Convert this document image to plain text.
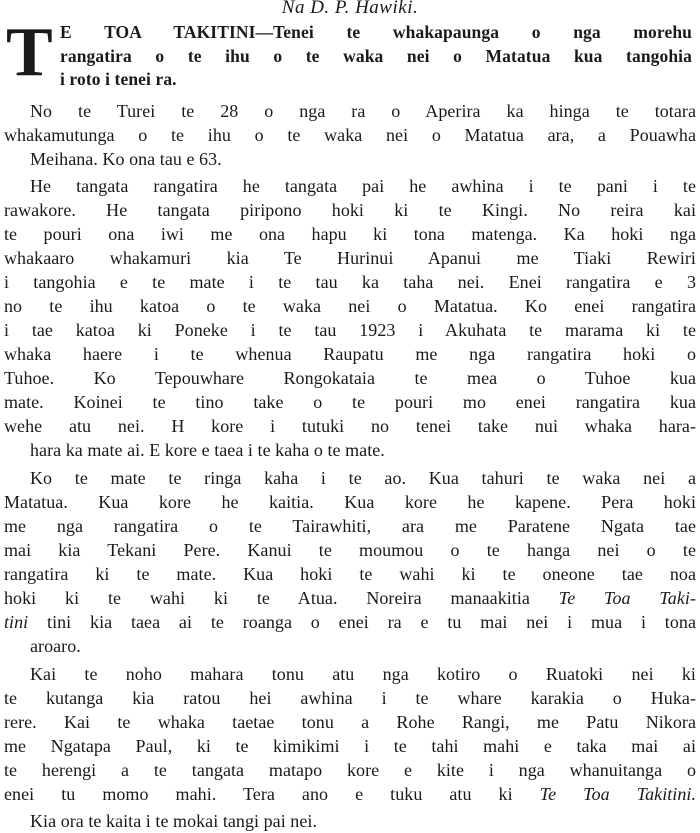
Na D. P. Hawiki.
T E TOA TAKITINI—Tenei te whakapaunga o nga morehu
rangatira o te ihu o te waka nei o Matatua kua tangohia
i roto i tenei ra.
No te Turei te 28 o nga ra o Aperira ka hinga te totara
whakamutunga o te ihu o te waka nei o Matatua ara, a Pouawha
Meihana. Ko ona tau e 63.
He tangata rangatira he tangata pai he awhina i te pani i te
rawakore. He tangata piripono hoki ki te Kingi. No reira kai
te pouri ona iwi me ona hapu ki tona matenga. Ka hoki nga
whakaaro whakamuri kia Te Hurinui Apanui me Tiaki Rewiri
i tangohia e te mate i te tau ka taha nei. Enei rangatira e 3
no te ihu katoa o te waka nei o Matatua. Ko enei rangatira
i tae katoa ki Poneke i te tau 1923 i Akuhata te marama ki te
whaka haere i te whenua Raupatu me nga rangatira hoki o
Tuhoe. Ko Tepouwhare Rongokataia te mea o Tuhoe kua
mate. Koinei te tino take o te pouri mo enei rangatira kua
wehe atu nei. H kore i tutuki no tenei take nui whaka hara-
hara ka mate ai. E kore e taea i te kaha o te mate.
Ko te mate te ringa kaha i te ao. Kua tahuri te waka nei a
Matatua. Kua kore he kaitia. Kua kore he kapene. Pera hoki
me nga rangatira o te Tairawhiti, ara me Paratene Ngata tae
mai kia Tekani Pere. Kanui te moumou o te hanga nei o te
rangatira ki te mate. Kua hoki te wahi ki te oneone tae noa
hoki ki te wahi ki te Atua. Noreira manaakitia Te Toa Taki-
tini tini kia taea ai te roanga o enei ra e tu mai nei i mua i tona
aroaro.
Kai te noho mahara tonu atu nga kotiro o Ruatoki nei ki
te kutanga kia ratou hei awhina i te whare karakia o Huka-
rere. Kai te whaka taetae tonu a Rohe Rangi, me Patu Nikora
me Ngatapa Paul, ki te kimikimi i te tahi mahi e taka mai ai
te herengi a te tangata matapo kore e kite i nga whanuitanga o
enei tu momo mahi. Tera ano e tuku atu ki Te Toa Takitini.
Kia ora te kaita i te mokai tangi pai nei.
